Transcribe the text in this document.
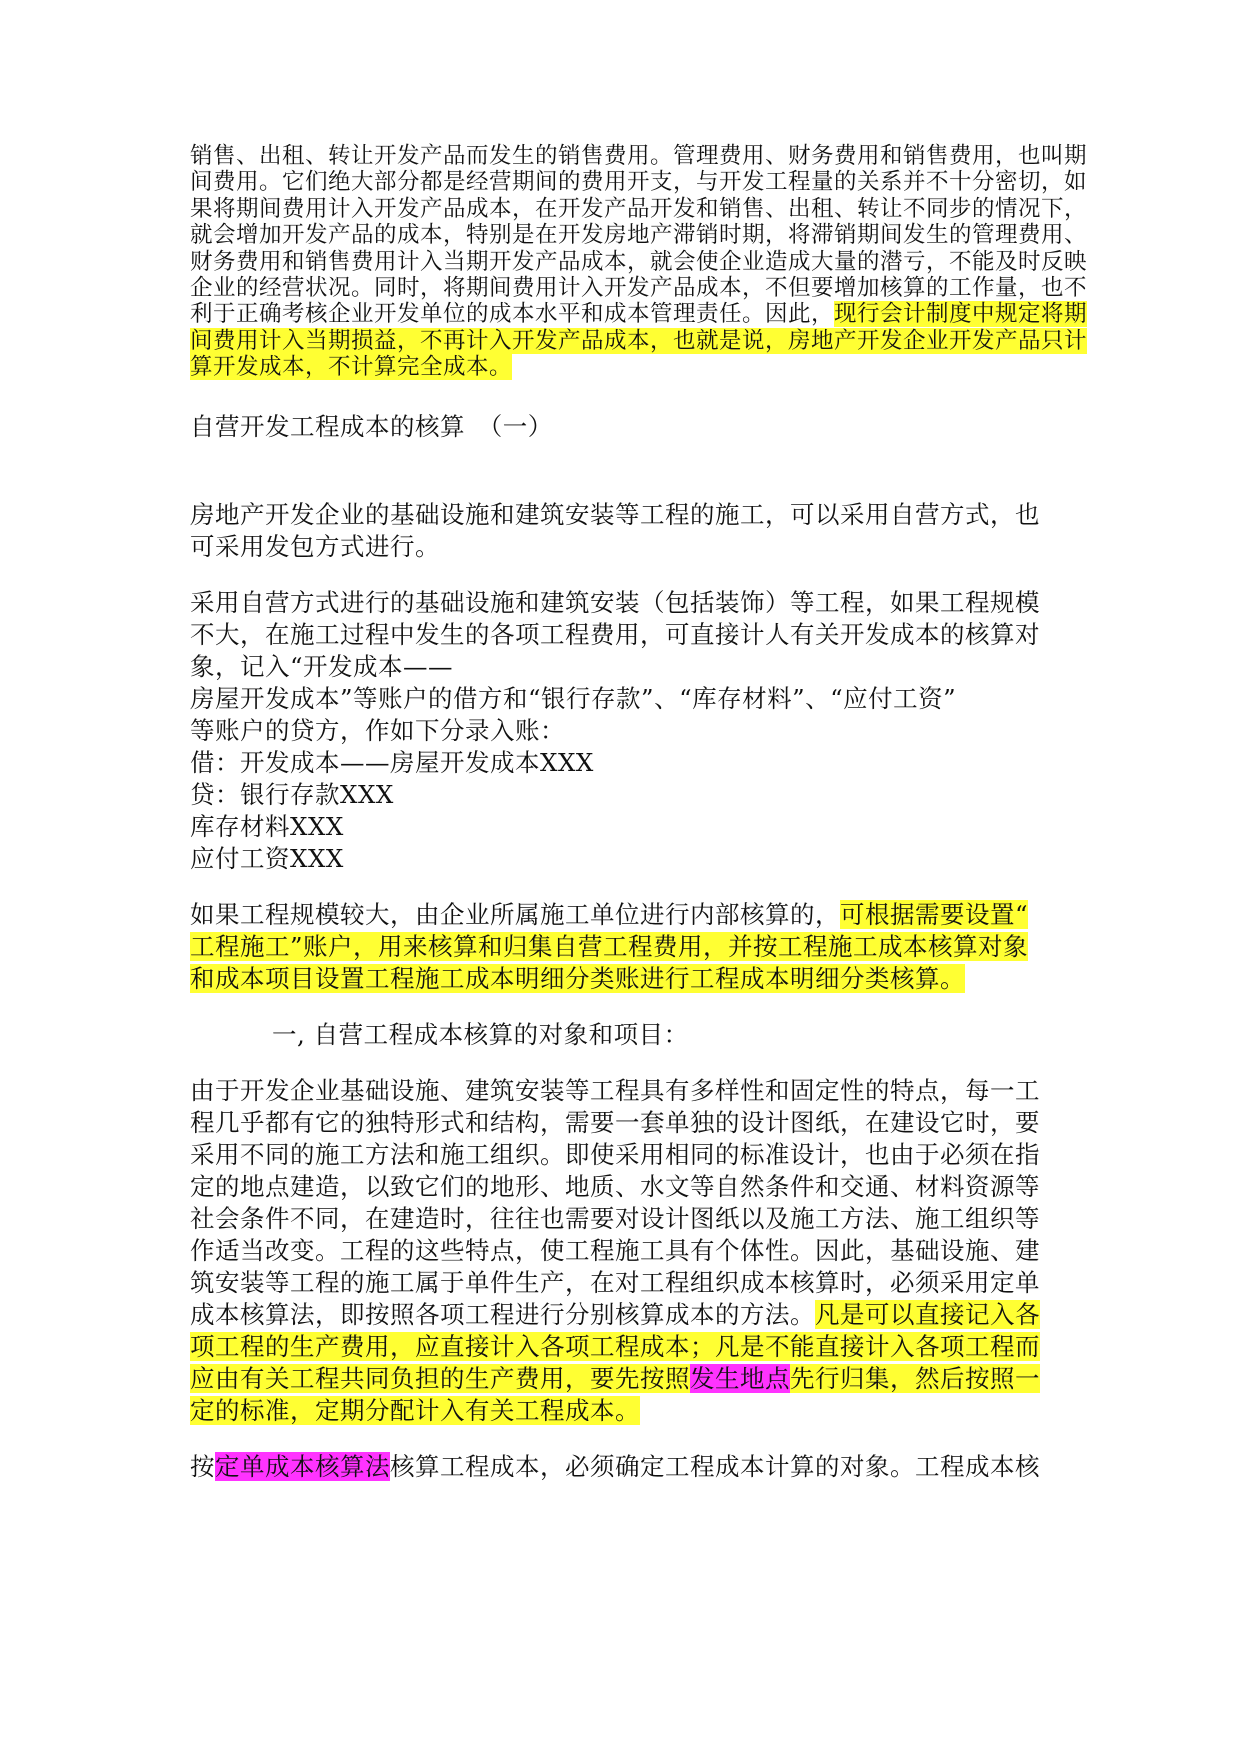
销售、出租、转让开发产品而发生的销售费用。管理费用、财务费用和销售费用，也叫期
间费用。它们绝大部分都是经营期间的费用开支，与开发工程量的关系并不十分密切，如
果将期间费用计入开发产品成本，在开发产品开发和销售、出租、转让不同步的情况下，
就会增加开发产品的成本，特别是在开发房地产滞销时期，将滞销期间发生的管理费用、
财务费用和销售费用计入当期开发产品成本，就会使企业造成大量的潜亏，不能及时反映
企业的经营状况。同时，将期间费用计入开发产品成本，不但要增加核算的工作量，也不
利于正确考核企业开发单位的成本水平和成本管理责任。因此，现行会计制度中规定将期
间费用计入当期损益，不再计入开发产品成本，也就是说，房地产开发企业开发产品只计
算开发成本，不计算完全成本。
自营开发工程成本的核算　（一）
房地产开发企业的基础设施和建筑安装等工程的施工，可以采用自营方式，也
可采用发包方式进行。
采用自营方式进行的基础设施和建筑安装（包括装饰）等工程，如果工程规模
不大，在施工过程中发生的各项工程费用，可直接计人有关开发成本的核算对
象，记入“开发成本——
房屋开发成本”等账户的借方和“银行存款”、“库存材料”、“应付工资”
等账户的贷方，作如下分录入账：
借：开发成本——房屋开发成本XXX
贷：银行存款XXX
库存材料XXX
应付工资XXX
如果工程规模较大，由企业所属施工单位进行内部核算的，可根据需要设置“
工程施工”账户，用来核算和归集自营工程费用，并按工程施工成本核算对象
和成本项目设置工程施工成本明细分类账进行工程成本明细分类核算。
一, 自营工程成本核算的对象和项目：
由于开发企业基础设施、建筑安装等工程具有多样性和固定性的特点，每一工
程几乎都有它的独特形式和结构，需要一套单独的设计图纸，在建设它时，要
采用不同的施工方法和施工组织。即使采用相同的标准设计，也由于必须在指
定的地点建造，以致它们的地形、地质、水文等自然条件和交通、材料资源等
社会条件不同，在建造时，往往也需要对设计图纸以及施工方法、施工组织等
作适当改变。工程的这些特点，使工程施工具有个体性。因此，基础设施、建
筑安装等工程的施工属于单件生产，在对工程组织成本核算时，必须采用定单
成本核算法，即按照各项工程进行分别核算成本的方法。凡是可以直接记入各
项工程的生产费用，应直接计入各项工程成本；凡是不能直接计入各项工程而
应由有关工程共同负担的生产费用，要先按照发生地点先行归集，然后按照一
定的标准，定期分配计入有关工程成本。
按定单成本核算法核算工程成本，必须确定工程成本计算的对象。工程成本核
